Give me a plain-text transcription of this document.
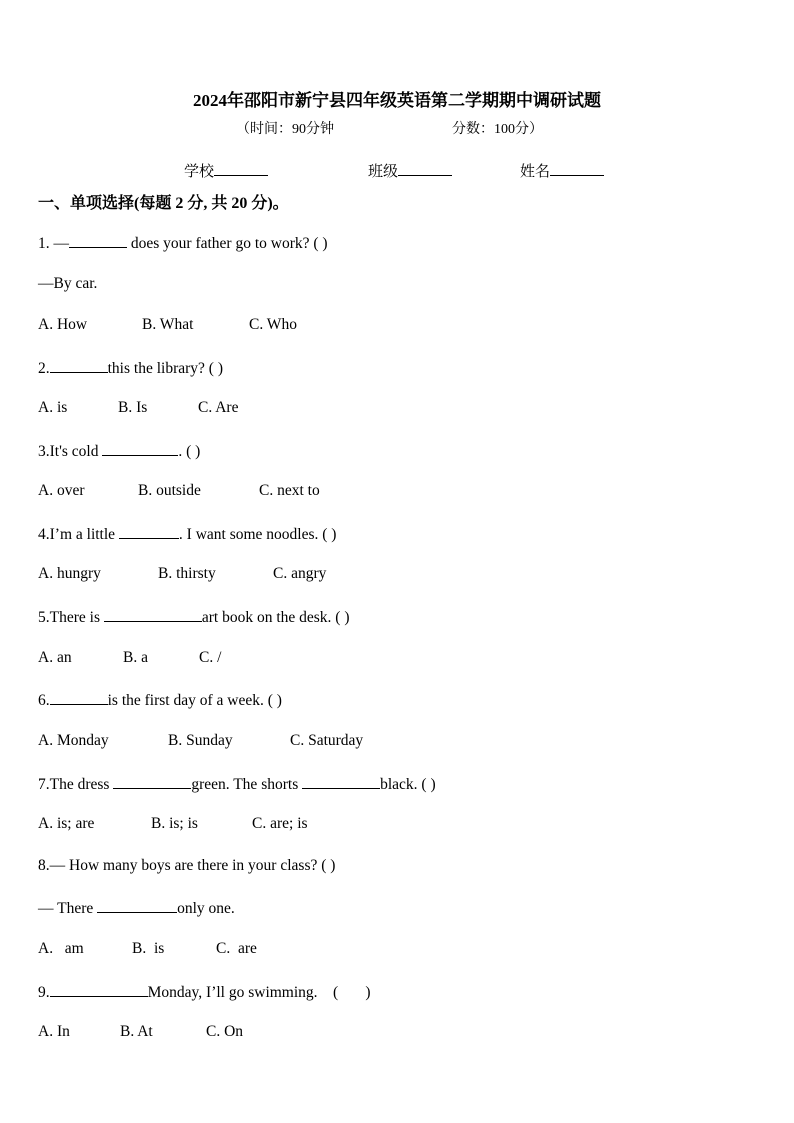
2024年邵阳市新宁县四年级英语第二学期期中调研试题
（时间：90分钟	分数：100分）
学校	班级	姓名
一、单项选择(每题 2 分, 共 20 分)。
1. —	does your father go to work? ( )
—By car.
A. How	B. What	C. Who
2.	this the library? ( )
A. is	B. Is	C. Are
3.It's cold	. ( )
A. over	B. outside	C. next to
4.I’m a little	. I want some noodles. ( )
A. hungry	B. thirsty	C. angry
5.There is	art book on the desk. ( )
A. an	B. a	C. /
6.	is the first day of a week. ( )
A. Monday	B. Sunday	C. Saturday
7.The dress	green. The shorts	black. ( )
A. is; are	B. is; is	C. are; is
8.— How many boys are there in your class? ( )
— There	only one.
A.   am	B.  is	C.  are
9.	Monday, I’ll go swimming.    (       )
A. In	B. At	C. On
